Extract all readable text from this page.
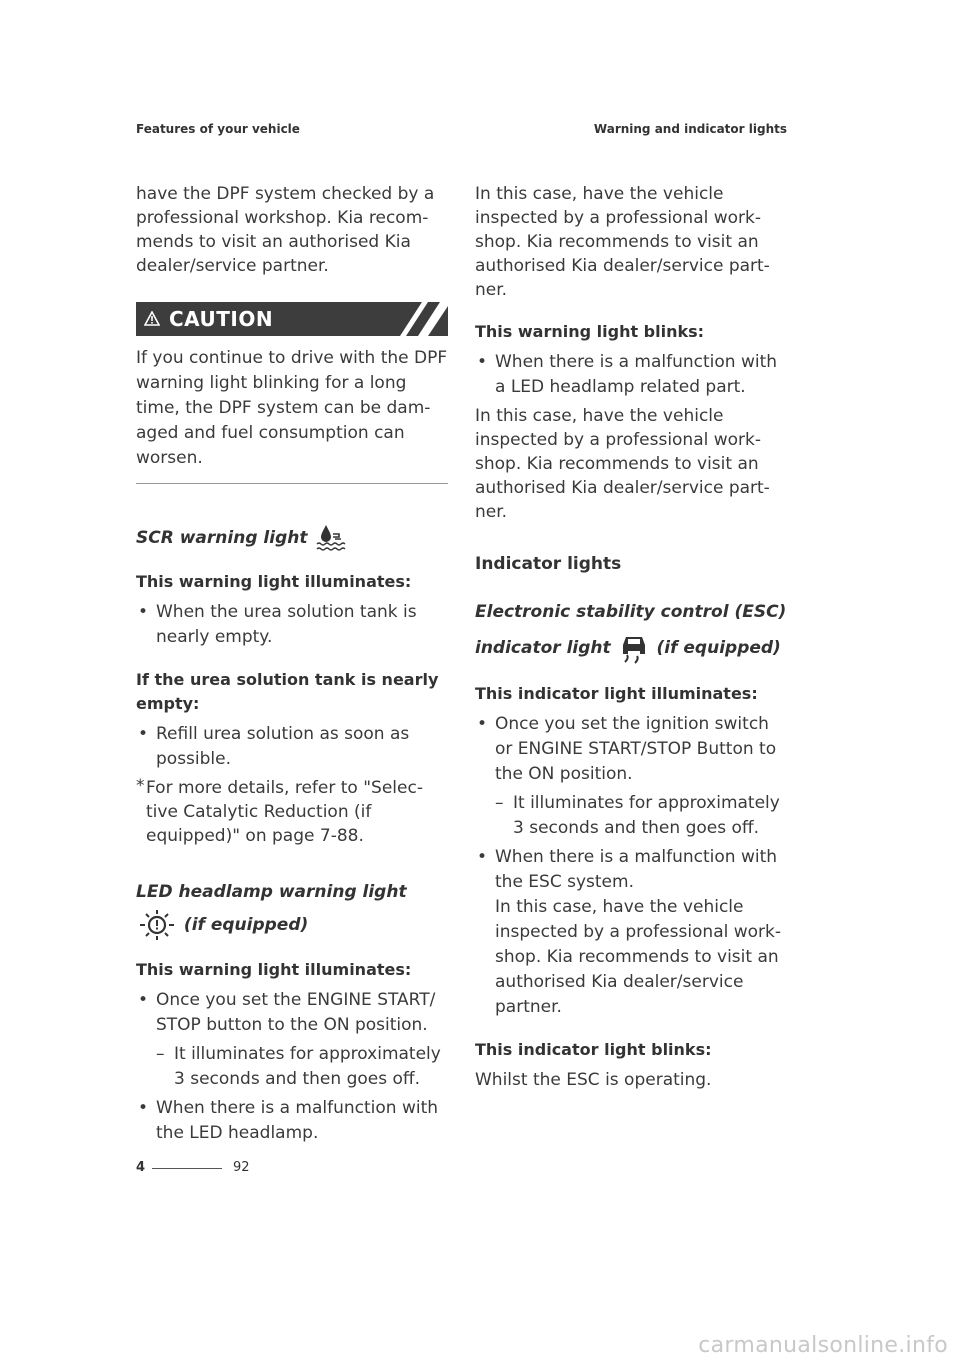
Features of your vehicle	Warning and indicator lights

have the DPF system checked by a professional workshop. Kia recom-mends to visit an authorised Kia dealer/service partner.

CAUTION

If you continue to drive with the DPF warning light blinking for a long time, the DPF system can be dam-aged and fuel consumption can worsen.

SCR warning light
This warning light illuminates:
• When the urea solution tank is nearly empty.
If the urea solution tank is nearly empty:
• Refill urea solution as soon as possible.
* For more details, refer to "Selec-tive Catalytic Reduction (if equipped)" on page 7-88.
LED headlamp warning light  (if equipped)
This warning light illuminates:
• Once you set the ENGINE START/ STOP button to the ON position.
– It illuminates for approximately 3 seconds and then goes off.
• When there is a malfunction with the LED headlamp.

In this case, have the vehicle inspected by a professional work-shop. Kia recommends to visit an authorised Kia dealer/service part-ner.

This warning light blinks:
• When there is a malfunction with a LED headlamp related part.

In this case, have the vehicle inspected by a professional work-shop. Kia recommends to visit an authorised Kia dealer/service part-ner.

Indicator lights
Electronic stability control (ESC)
indicator light	(if equipped)
This indicator light illuminates:
• Once you set the ignition switch or ENGINE START/STOP Button to the ON position.
– It illuminates for approximately 3 seconds and then goes off.
• When there is a malfunction with the ESC system.
In this case, have the vehicle inspected by a professional work-shop. Kia recommends to visit an authorised Kia dealer/service partner.
This indicator light blinks:

Whilst the ESC is operating.

4	92
carmanualsonline.info
